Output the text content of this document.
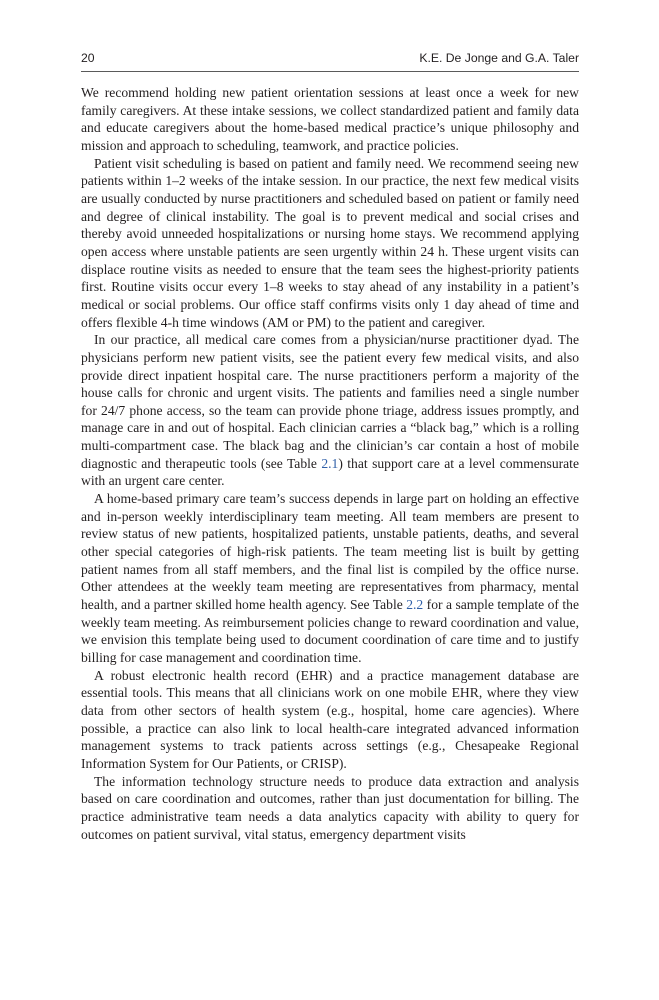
20	K.E. De Jonge and G.A. Taler

We recommend holding new patient orientation sessions at least once a week for new family caregivers. At these intake sessions, we collect standardized patient and family data and educate caregivers about the home-based medical practice’s unique philosophy and mission and approach to scheduling, teamwork, and practice policies.

Patient visit scheduling is based on patient and family need. We recommend seeing new patients within 1–2 weeks of the intake session. In our practice, the next few medical visits are usually conducted by nurse practitioners and scheduled based on patient or family need and degree of clinical instability. The goal is to prevent medical and social crises and thereby avoid unneeded hospitalizations or nursing home stays. We recommend applying open access where unstable patients are seen urgently within 24 h. These urgent visits can displace routine visits as needed to ensure that the team sees the highest-priority patients first. Routine visits occur every 1–8 weeks to stay ahead of any instability in a patient’s medical or social problems. Our office staff confirms visits only 1 day ahead of time and offers flexible 4-h time windows (AM or PM) to the patient and caregiver.

In our practice, all medical care comes from a physician/nurse practitioner dyad. The physicians perform new patient visits, see the patient every few medical visits, and also provide direct inpatient hospital care. The nurse practitioners perform a majority of the house calls for chronic and urgent visits. The patients and families need a single number for 24/7 phone access, so the team can provide phone triage, address issues promptly, and manage care in and out of hospital. Each clinician carries a “black bag,” which is a rolling multi-compartment case. The black bag and the clinician’s car contain a host of mobile diagnostic and therapeutic tools (see Table 2.1) that support care at a level commensurate with an urgent care center.

A home-based primary care team’s success depends in large part on holding an effective and in-person weekly interdisciplinary team meeting. All team members are present to review status of new patients, hospitalized patients, unstable patients, deaths, and several other special categories of high-risk patients. The team meeting list is built by getting patient names from all staff members, and the final list is compiled by the office nurse. Other attendees at the weekly team meeting are representatives from pharmacy, mental health, and a partner skilled home health agency. See Table 2.2 for a sample template of the weekly team meeting. As reimbursement policies change to reward coordination and value, we envision this template being used to document coordination of care time and to justify billing for case management and coordination time.

A robust electronic health record (EHR) and a practice management database are essential tools. This means that all clinicians work on one mobile EHR, where they view data from other sectors of health system (e.g., hospital, home care agencies). Where possible, a practice can also link to local health-care integrated advanced information management systems to track patients across settings (e.g., Chesapeake Regional Information System for Our Patients, or CRISP).

The information technology structure needs to produce data extraction and analysis based on care coordination and outcomes, rather than just documentation for billing. The practice administrative team needs a data analytics capacity with ability to query for outcomes on patient survival, vital status, emergency department visits
